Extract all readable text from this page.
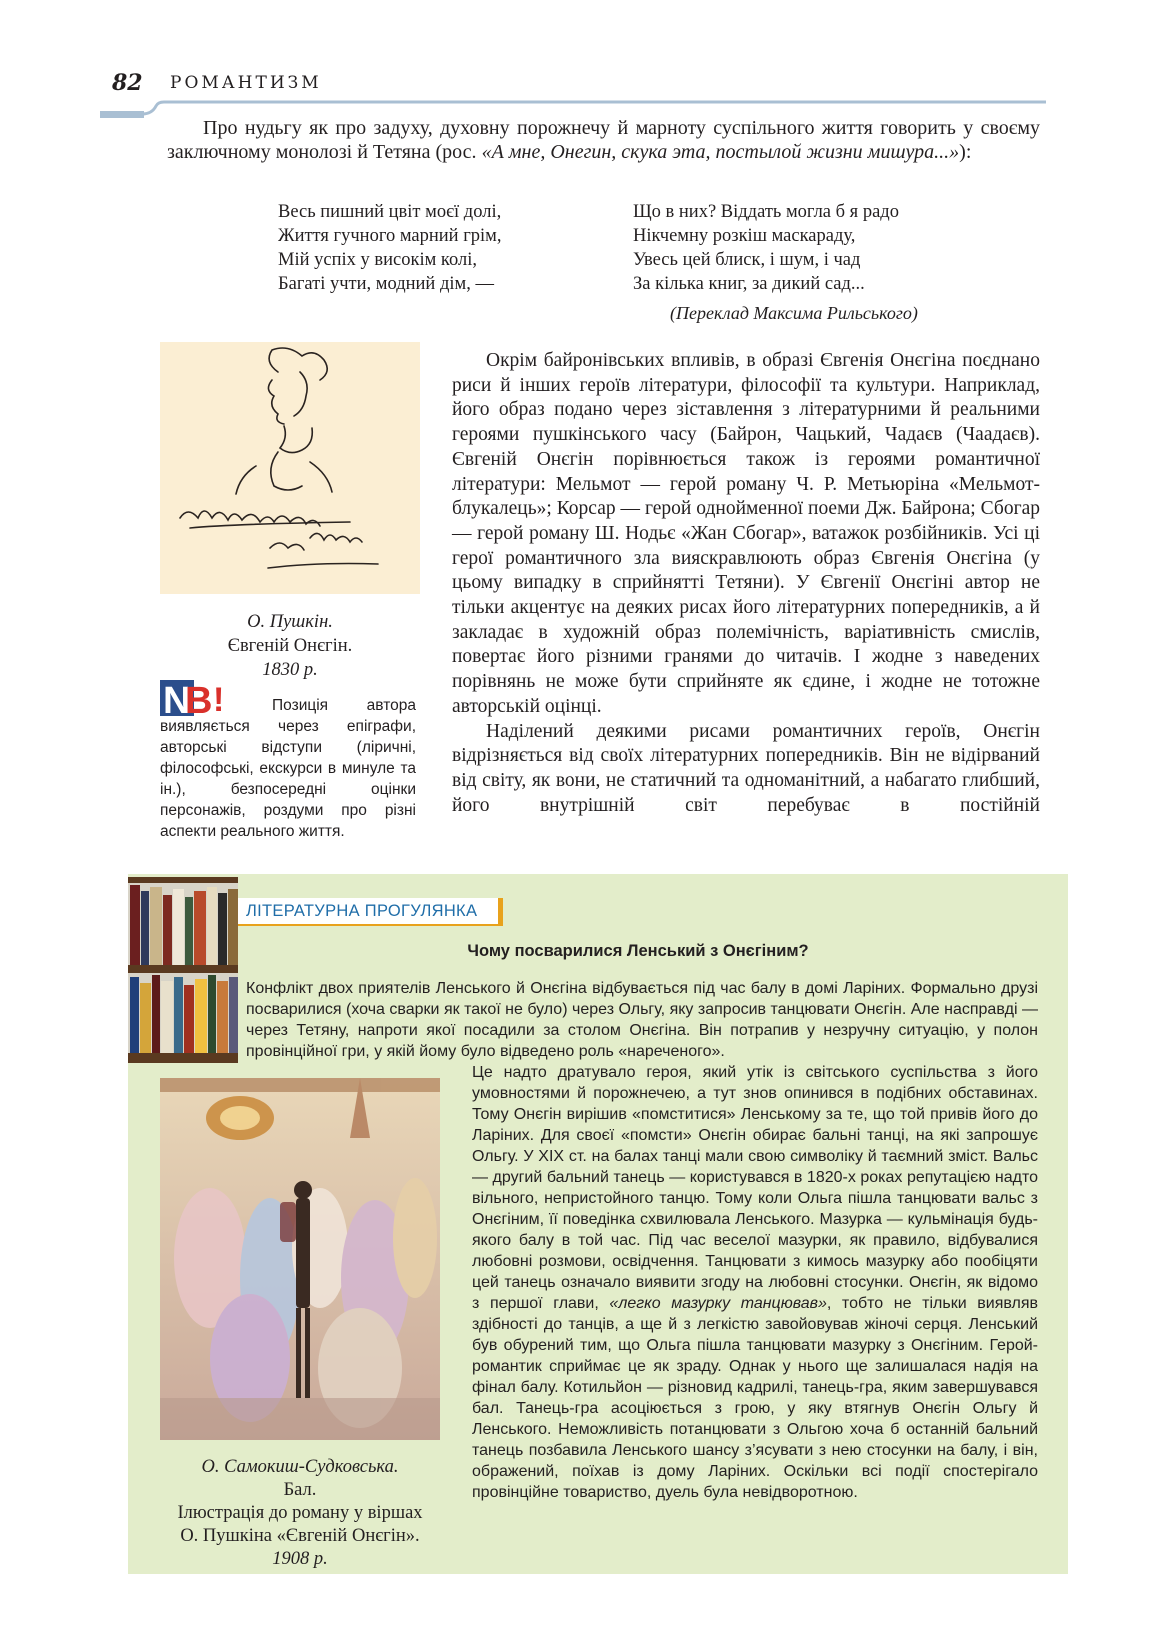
82 РОМАНТИЗМ

Про нудьгу як про задуху, духовну порожнечу й марноту суспільного життя говорить у своєму заключному монолозі й Тетяна (рос. «А мне, Онегин, скука эта, постылой жизни мишура...»):

Весь пишний цвіт моєї долі,
Життя гучного марний грім,
Мій успіх у високім колі,
Багаті учти, модний дім, —
Що в них? Віддать могла б я радо
Нікчемну розкіш маскараду,
Увесь цей блиск, і шум, і чад
За кілька книг, за дикий сад...
(Переклад Максима Рильського)
О. Пушкін.
Євгеній Онєгін.
1830 р.
N
B !	Позиція автора виявляється через епіграфи, авторські відступи (ліричні, філософські, екскурси в минуле та ін.), безпосередні оцінки персонажів, роздуми про різні аспекти реального життя.

Окрім байронівських впливів, в образі Євгенія Онєгіна поєднано риси й інших героїв літератури, філософії та культури. Наприклад, його образ подано через зіставлення з літературними й реальними героями пушкінського часу (Байрон, Чацький, Чадаєв (Чаадаєв). Євгеній Онєгін порівнюється також із героями романтичної літератури: Мельмот — герой роману Ч. Р. Метьюріна «Мельмот-блукалець»; Корсар — герой однойменної поеми Дж. Байрона; Сбогар — герой роману Ш. Нодьє «Жан Сбогар», ватажок розбійників. Усі ці герої романтичного зла вияскравлюють образ Євгенія Онєгіна (у цьому випадку в сприйнятті Тетяни). У Євгенії Онєгіні автор не тільки акцентує на деяких рисах його літературних попередників, а й закладає в художній образ полемічність, варіативність смислів, повертає його різними гранями до читачів. І жодне з наведених порівнянь не може бути сприйняте як єдине, і жодне не тотожне авторській оцінці.

Наділений деякими рисами романтичних героїв, Онєгін відрізняється від своїх літературних попередників. Він не відірваний від світу, як вони, не статичний та одноманітний, а набагато глибший, його внутрішній світ перебуває в постійній

ЛІТЕРАТУРНА ПРОГУЛЯНКА
Чому посварилися Ленський з Онєгіним?
Конфлікт двох приятелів Ленського й Онєгіна відбувається під час балу в домі Ларіних. Формально друзі посварилися (хоча сварки як такої не було) через Ольгу, яку запросив танцювати Онєгін. Але насправді — через Тетяну, напроти якої посадили за столом Онєгіна. Він потрапив у незручну ситуацію, у полон провінційної гри, у якій йому було відведено роль «нареченого».
Це надто дратувало героя, який утік із світського суспільства з його умовностями й порожнечею, а тут знов опинився в подібних обставинах. Тому Онєгін вирішив «помститися» Ленському за те, що той привів його до Ларіних. Для своєї «помсти» Онєгін обирає бальні танці, на які запрошує Ольгу. У XIX ст. на балах танці мали свою символіку й таємний зміст. Вальс — другий бальний танець — користувався в 1820-х роках репутацією надто вільного, непристойного танцю. Тому коли Ольга пішла танцювати вальс з Онєгіним, її поведінка схвилювала Ленського. Мазурка — кульмінація будь-якого балу в той час. Під час веселої мазурки, як правило, відбувалися любовні розмови, освідчення. Танцювати з кимось мазурку або пообіцяти цей танець означало виявити згоду на любовні стосунки. Онєгін, як відомо з першої глави, «легко мазурку танцював», тобто не тільки виявляв здібності до танців, а ще й з легкістю завойовував жіночі серця. Ленський був обурений тим, що Ольга пішла танцювати мазурку з Онєгіним. Герой-романтик сприймає це як зраду. Однак у нього ще залишалася надія на фінал балу. Котильйон — різновид кадрилі, танець-гра, яким завершувався бал. Танець-гра асоціюється з грою, у яку втягнув Онєгін Ольгу й Ленського. Неможливість потанцювати з Ольгою хоча б останній бальний танець позбавила Ленського шансу з’ясувати з нею стосунки на балу, і він, ображений, поїхав із дому Ларіних. Оскільки всі події спостерігало провінційне товариство, дуель була невідворотною.
О. Самокиш-Судковська.
Бал.
Ілюстрація до роману у віршах
О. Пушкіна «Євгеній Онєгін».
1908 р.
